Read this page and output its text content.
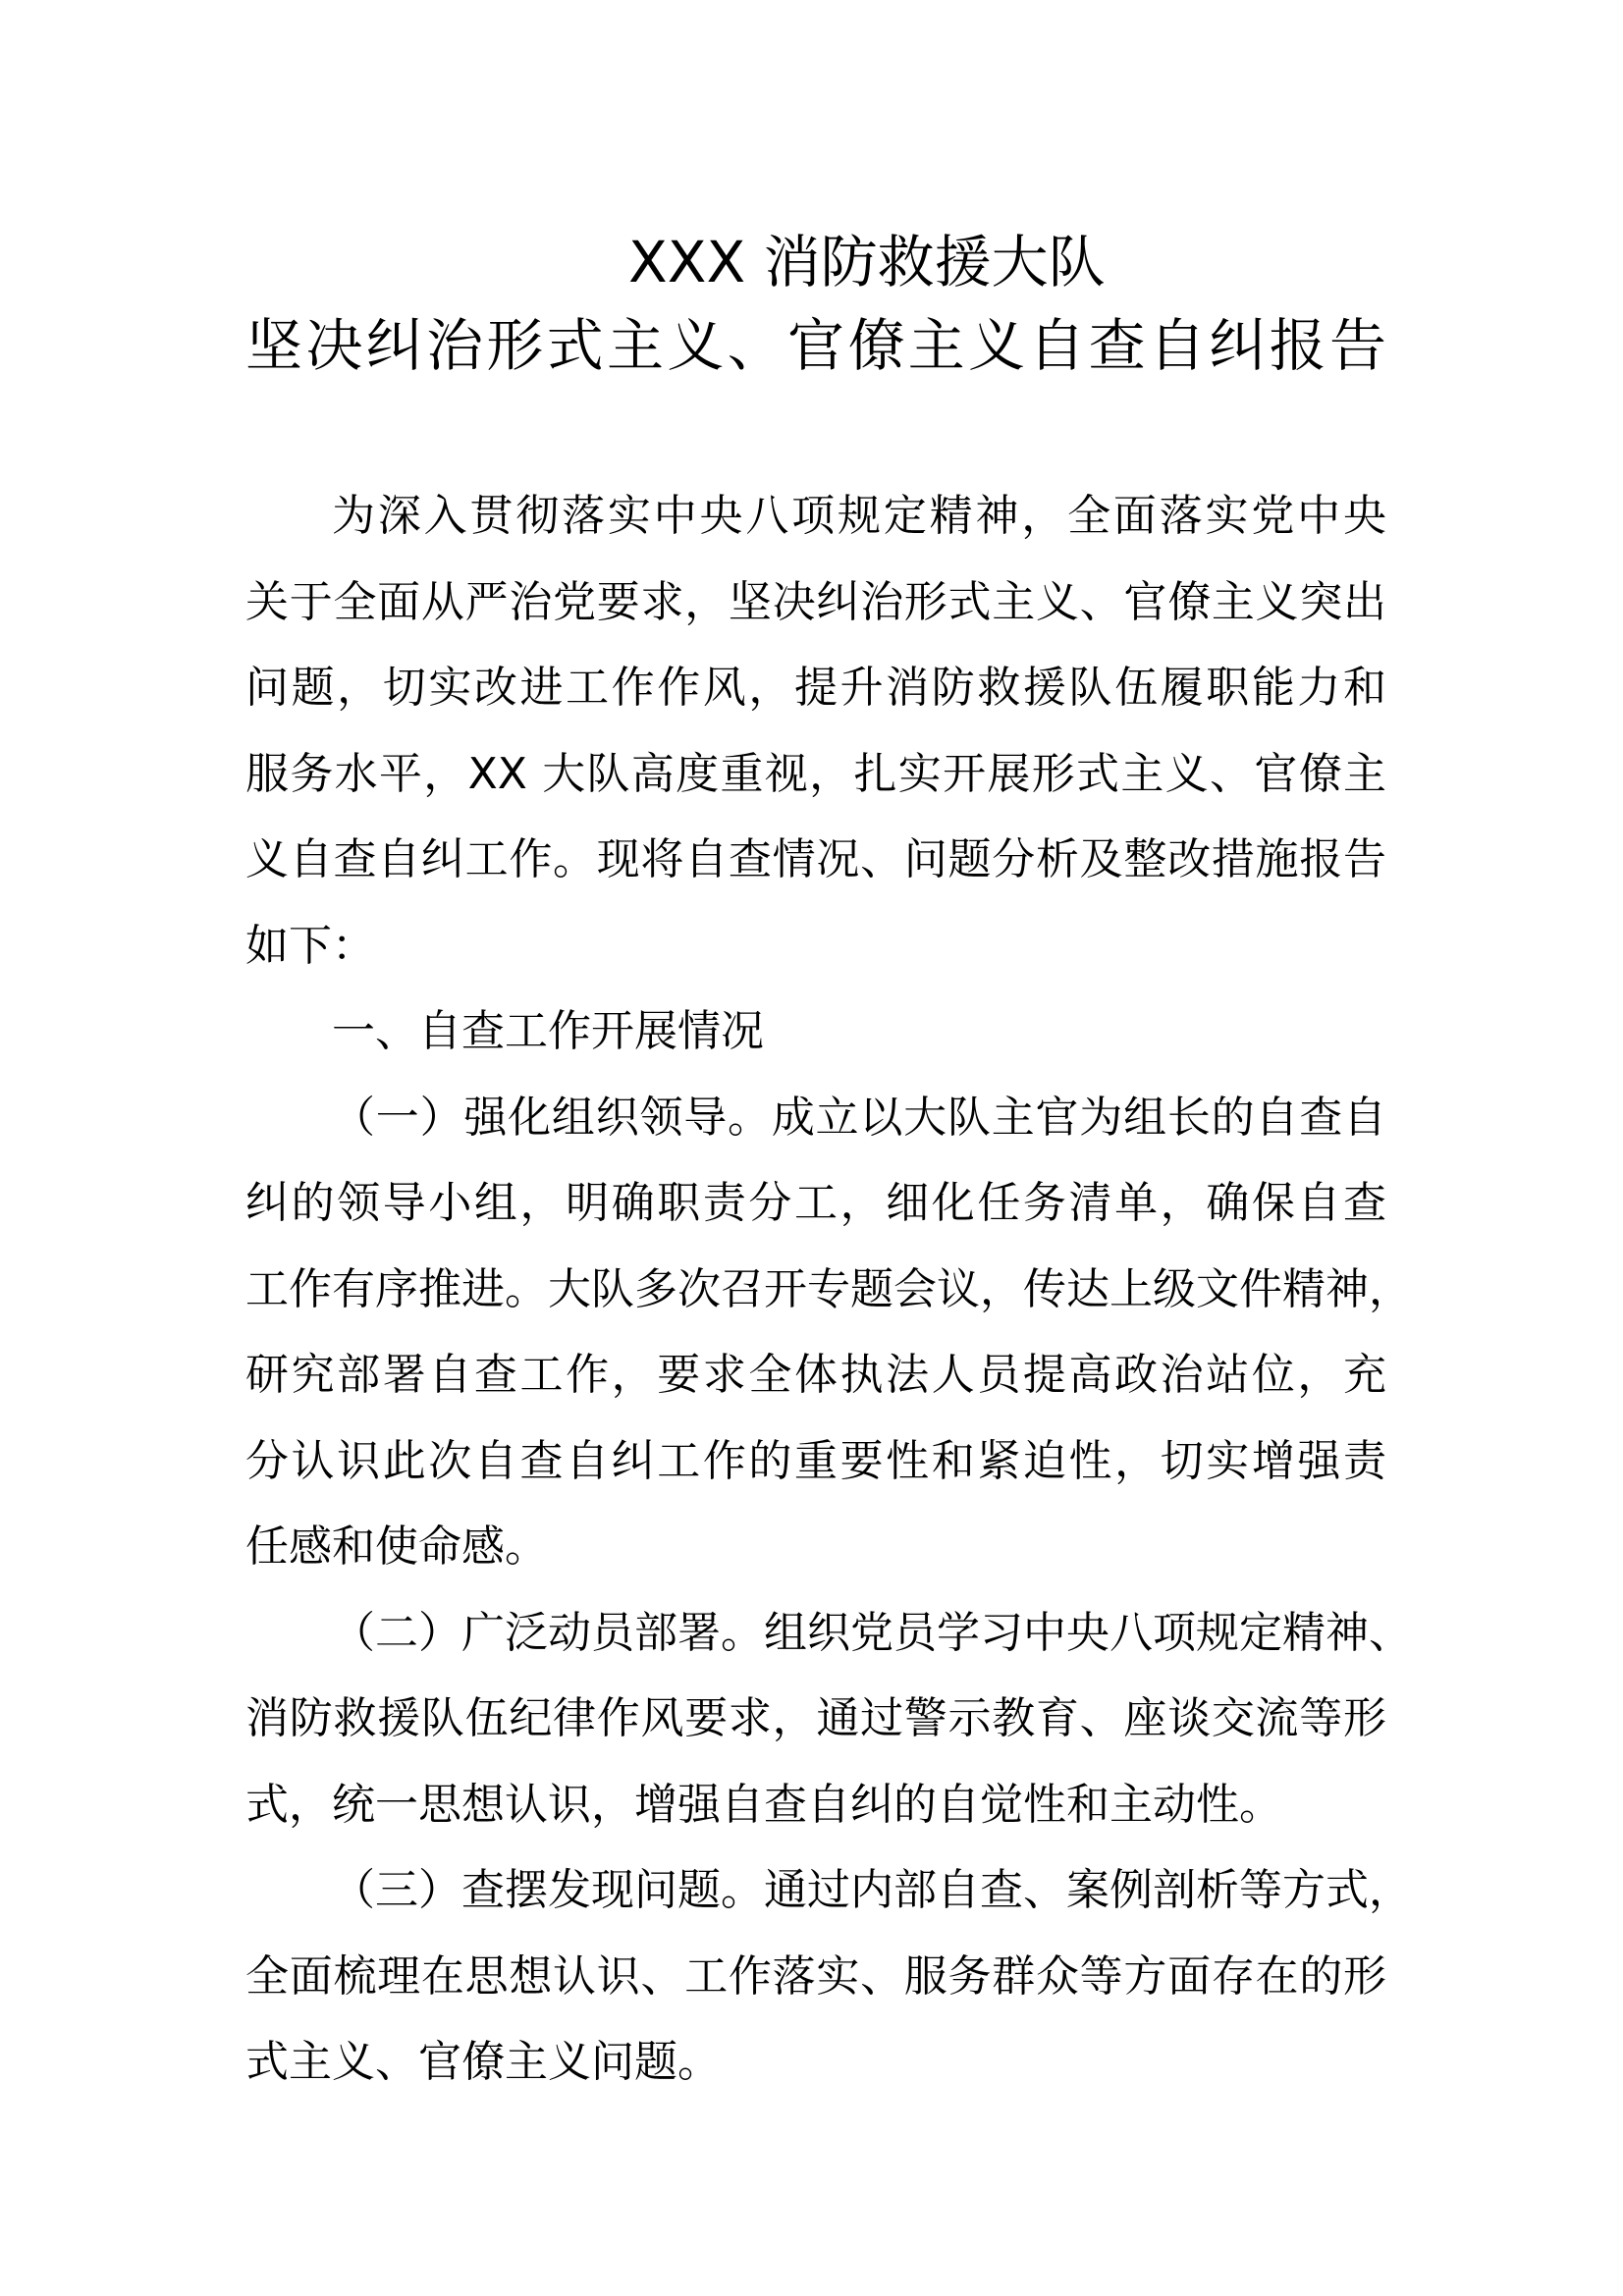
XXX 消防救援大队
坚决纠治形式主义、官僚主义自查自纠报告
为深入贯彻落实中央八项规定精神，全面落实党中央
关于全面从严治党要求，坚决纠治形式主义、官僚主义突出
问题，切实改进工作作风，提升消防救援队伍履职能力和
服务水平，XX 大队高度重视，扎实开展形式主义、官僚主
义自查自纠工作。现将自查情况、问题分析及整改措施报告
如下：
一、自查工作开展情况
（一）强化组织领导。成立以大队主官为组长的自查自
纠的领导小组，明确职责分工，细化任务清单，确保自查
工作有序推进。大队多次召开专题会议，传达上级文件精神，
研究部署自查工作，要求全体执法人员提高政治站位，充
分认识此次自查自纠工作的重要性和紧迫性，切实增强责
任感和使命感。
（二）广泛动员部署。组织党员学习中央八项规定精神、
消防救援队伍纪律作风要求，通过警示教育、座谈交流等形
式，统一思想认识，增强自查自纠的自觉性和主动性。
（三）查摆发现问题。通过内部自查、案例剖析等方式，
全面梳理在思想认识、工作落实、服务群众等方面存在的形
式主义、官僚主义问题。
